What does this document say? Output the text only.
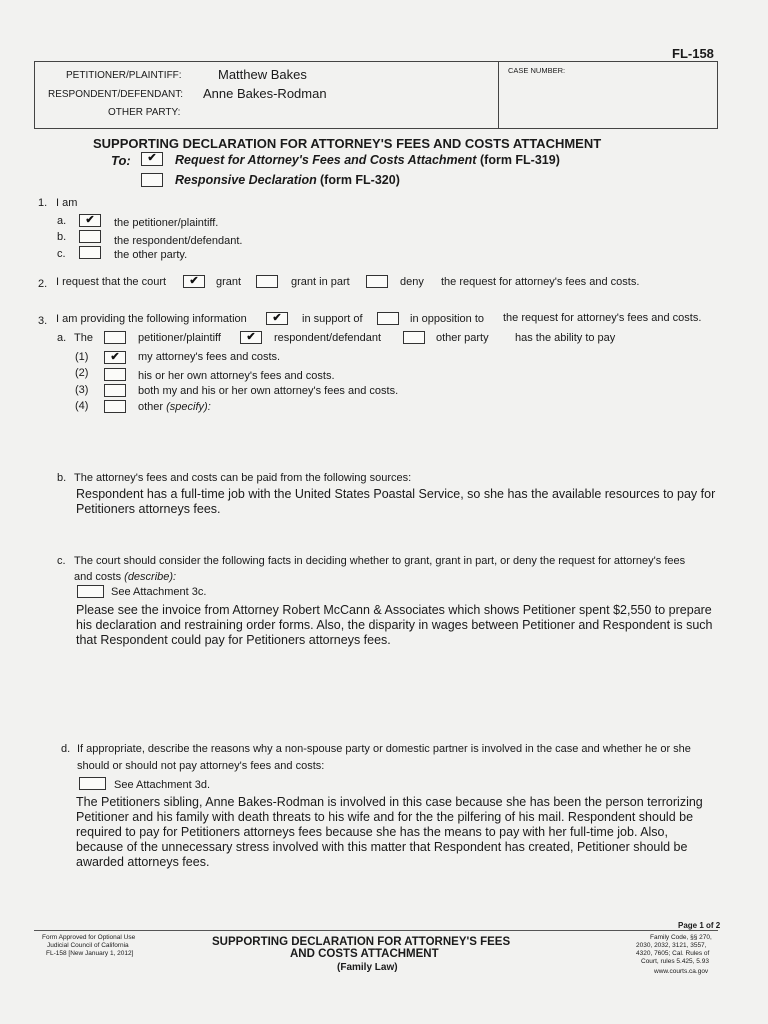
FL-158
PETITIONER/PLAINTIFF:	Matthew Bakes
RESPONDENT/DEFENDANT: Anne Bakes-Rodman
OTHER PARTY:
CASE NUMBER:
SUPPORTING DECLARATION FOR ATTORNEY'S FEES AND COSTS ATTACHMENT
To:	✔	Request for Attorney's Fees and Costs Attachment (form FL-319)
Responsive Declaration (form FL-320)
1. I am
a.	✔	the petitioner/plaintiff.
b.	the respondent/defendant.
c.	the other party.
2. I request that the court	✔	grant	grant in part	deny the request for attorney's fees and costs.
3. I am providing the following information	✔	in support of	in opposition to the request for attorney's fees and costs.
a. The	petitioner/plaintiff	✔	respondent/defendant	other party has the ability to pay
(1)	✔	my attorney's fees and costs.
(2)	his or her own attorney's fees and costs.
(3)	both my and his or her own attorney's fees and costs.
(4)	other (specify):
b. The attorney's fees and costs can be paid from the following sources:
Respondent has a full-time job with the United States Poastal Service, so she has the available resources to pay for Petitioners attorneys fees.
c. The court should consider the following facts in deciding whether to grant, grant in part, or deny the request for attorney's fees
and costs (describe):
See Attachment 3c.
Please see the invoice from Attorney Robert McCann & Associates which shows Petitioner spent $2,550 to prepare his declaration and restraining order forms. Also, the disparity in wages between Petitioner and Respondent is such that Respondent could pay for Petitioners attorneys fees.
d. If appropriate, describe the reasons why a non-spouse party or domestic partner is involved in the case and whether he or she
should or should not pay attorney's fees and costs:
See Attachment 3d.
The Petitioners sibling, Anne Bakes-Rodman is involved in this case because she has been the person terrorizing Petitioner and his family with death threats to his wife and for the the pilfering of his mail. Respondent should be required to pay for Petitioners attorneys fees because she has the means to pay with her full-time job. Also, because of the unnecessary stress involved with this matter that Respondent has created, Petitioner should be awarded attorneys fees.
Page 1 of 2
Form Approved for Optional Use
Judicial Council of California
FL-158 [New January 1, 2012]
SUPPORTING DECLARATION FOR ATTORNEY'S FEES
AND COSTS ATTACHMENT
(Family Law)
Family Code, §§ 270,
2030, 2032, 3121, 3557,
4320, 7605; Cal. Rules of
Court, rules 5.425, 5.93
www.courts.ca.gov
